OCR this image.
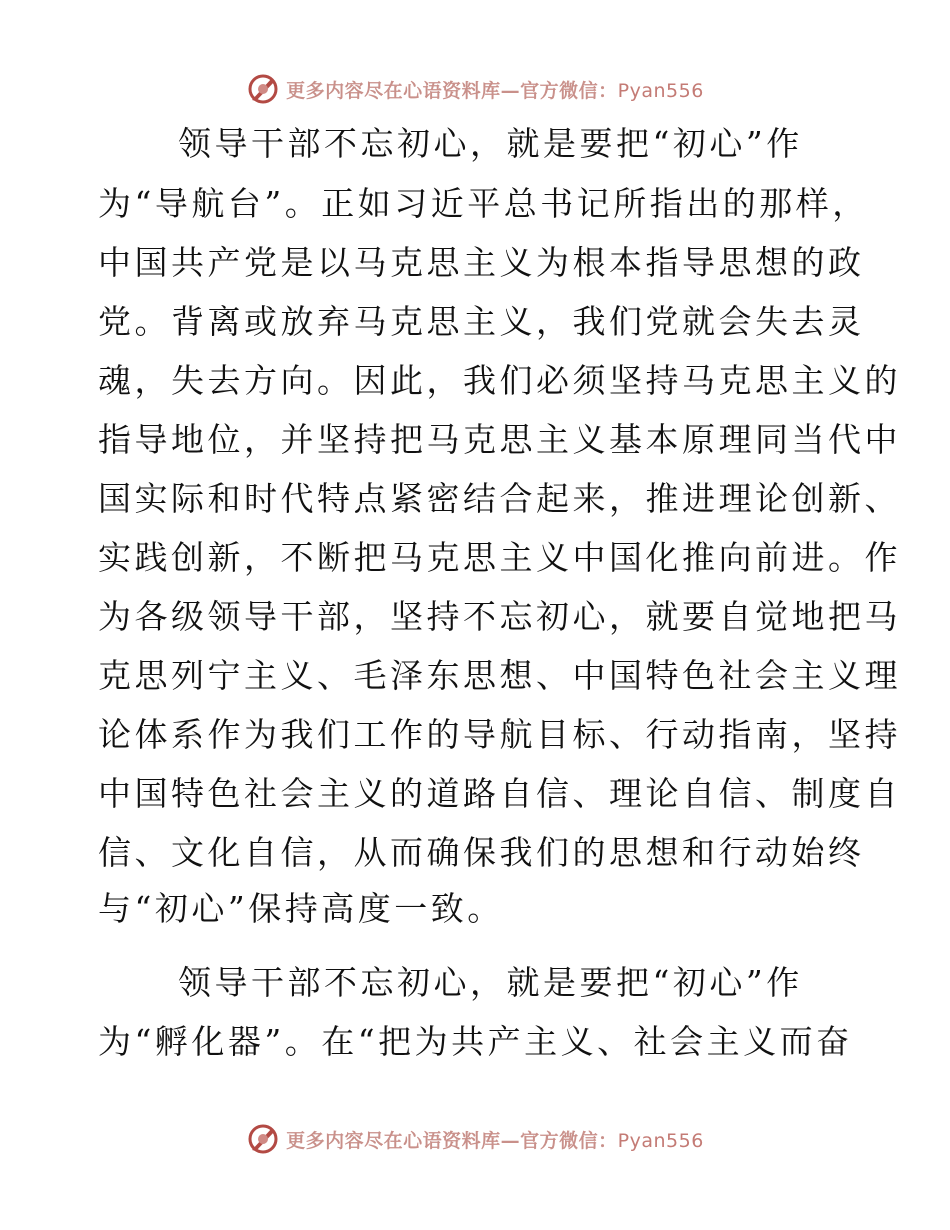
更多内容尽在心语资料库—官方微信：Pyan556
领导干部不忘初心，就是要把“初心”作
为“导航台”。正如习近平总书记所指出的那样，
中国共产党是以马克思主义为根本指导思想的政
党。背离或放弃马克思主义，我们党就会失去灵
魂，失去方向。因此，我们必须坚持马克思主义的
指导地位，并坚持把马克思主义基本原理同当代中
国实际和时代特点紧密结合起来，推进理论创新、
实践创新，不断把马克思主义中国化推向前进。作
为各级领导干部，坚持不忘初心，就要自觉地把马
克思列宁主义、毛泽东思想、中国特色社会主义理
论体系作为我们工作的导航目标、行动指南，坚持
中国特色社会主义的道路自信、理论自信、制度自
信、文化自信，从而确保我们的思想和行动始终
与“初心”保持高度一致。
领导干部不忘初心，就是要把“初心”作
为“孵化器”。在“把为共产主义、社会主义而奋
更多内容尽在心语资料库—官方微信：Pyan556
